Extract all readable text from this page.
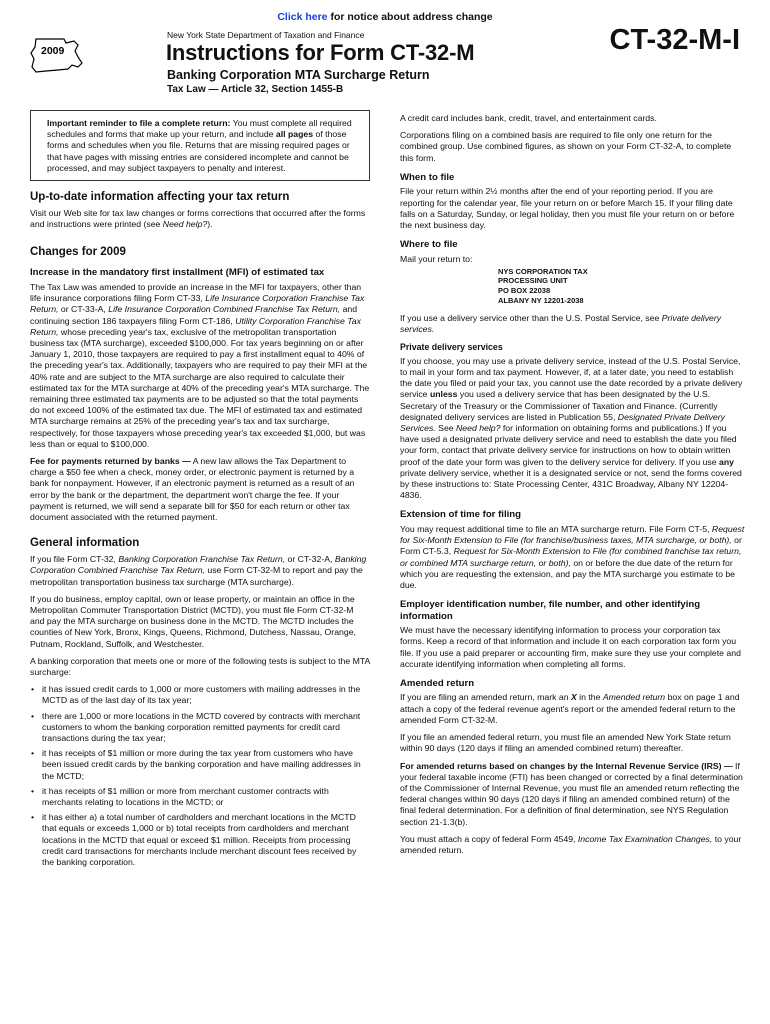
Click here for notice about address change
2009
New York State Department of Taxation and Finance
Instructions for Form CT-32-M	CT-32-M-I
Banking Corporation MTA Surcharge Return
Tax Law — Article 32, Section 1455-B
Important reminder to file a complete return: You must complete all required schedules and forms that make up your return, and include all pages of those forms and schedules when you file. Returns that are missing required pages or that have pages with missing entries are considered incomplete and cannot be processed, and may subject taxpayers to penalty and interest.
Up-to-date information affecting your tax return

Visit our Web site for tax law changes or forms corrections that occurred after the forms and instructions were printed (see Need help?).

Changes for 2009
Increase in the mandatory first installment (MFI) of estimated tax

The Tax Law was amended to provide an increase in the MFI for taxpayers, other than life insurance corporations filing Form CT-33, Life Insurance Corporation Franchise Tax Return, or CT-33-A, Life Insurance Corporation Combined Franchise Tax Return, and continuing section 186 taxpayers filing Form CT-186, Utility Corporation Franchise Tax Return, whose preceding year's tax, exclusive of the metropolitan transportation business tax (MTA surcharge), exceeded $100,000. For tax years beginning on or after January 1, 2010, those taxpayers are required to pay a first installment equal to 40% of the preceding year's tax. Additionally, taxpayers who are required to pay their MFI at the 40% rate and are subject to the MTA surcharge are also required to calculate their estimated tax for the MTA surcharge at 40% of the preceding year's MTA surcharge. The remaining three estimated tax payments are to be adjusted so that the total payments do not exceed 100% of the estimated tax due. The MFI of estimated tax and estimated MTA surcharge remains at 25% of the preceding year's tax and tax surcharge, respectively, for those taxpayers whose preceding year's tax exceeded $1,000, but was less than or equal to $100,000.

Fee for payments returned by banks — A new law allows the Tax Department to charge a $50 fee when a check, money order, or electronic payment is returned by a bank for nonpayment. However, if an electronic payment is returned as a result of an error by the bank or the department, the department won't charge the fee. If your payment is returned, we will send a separate bill for $50 for each return or other tax document associated with the returned payment.

General information

If you file Form CT-32, Banking Corporation Franchise Tax Return, or CT-32-A, Banking Corporation Combined Franchise Tax Return, use Form CT-32-M to report and pay the metropolitan transportation business tax surcharge (MTA surcharge).

If you do business, employ capital, own or lease property, or maintain an office in the Metropolitan Commuter Transportation District (MCTD), you must file Form CT-32-M and pay the MTA surcharge on business done in the MCTD. The MCTD includes the counties of New York, Bronx, Kings, Queens, Richmond, Dutchess, Nassau, Orange, Putnam, Rockland, Suffolk, and Westchester.

A banking corporation that meets one or more of the following tests is subject to the MTA surcharge:

• it has issued credit cards to 1,000 or more customers with mailing addresses in the MCTD as of the last day of its tax year;
• there are 1,000 or more locations in the MCTD covered by contracts with merchant customers to whom the banking corporation remitted payments for credit card transactions during the tax year;
• it has receipts of $1 million or more during the tax year from customers who have been issued credit cards by the banking corporation and have mailing addresses in the MCTD;
• it has receipts of $1 million or more from merchant customer contracts with merchants relating to locations in the MCTD; or
• it has either a) a total number of cardholders and merchant locations in the MCTD that equals or exceeds 1,000 or b) total receipts from cardholders and merchant locations in the MCTD that equal or exceed $1 million. Receipts from processing credit card transactions for merchants include merchant discount fees received by the banking corporation.

A credit card includes bank, credit, travel, and entertainment cards.

Corporations filing on a combined basis are required to file only one return for the combined group. Use combined figures, as shown on your Form CT-32-A, to complete this form.

When to file

File your return within 2½ months after the end of your reporting period. If you are reporting for the calendar year, file your return on or before March 15. If your filing date falls on a Saturday, Sunday, or legal holiday, then you must file your return on or before the next business day.

Where to file

Mail your return to:

NYS CORPORATION TAX
PROCESSING UNIT
PO BOX 22038
ALBANY NY 12201-2038

If you use a delivery service other than the U.S. Postal Service, see Private delivery services.

Private delivery services

If you choose, you may use a private delivery service, instead of the U.S. Postal Service, to mail in your form and tax payment. However, if, at a later date, you need to establish the date you filed or paid your tax, you cannot use the date recorded by a private delivery service unless you used a delivery service that has been designated by the U.S. Secretary of the Treasury or the Commissioner of Taxation and Finance. (Currently designated delivery services are listed in Publication 55, Designated Private Delivery Services. See Need help? for information on obtaining forms and publications.) If you have used a designated private delivery service and need to establish the date you filed your form, contact that private delivery service for instructions on how to obtain written proof of the date your form was given to the delivery service for delivery. If you use any private delivery service, whether it is a designated service or not, send the forms covered by these instructions to: State Processing Center, 431C Broadway, Albany NY 12204-4836.

Extension of time for filing

You may request additional time to file an MTA surcharge return. File Form CT-5, Request for Six-Month Extension to File (for franchise/business taxes, MTA surcharge, or both), or Form CT-5.3, Request for Six-Month Extension to File (for combined franchise tax return, or combined MTA surcharge return, or both), on or before the due date of the return for which you are requesting the extension, and pay the MTA surcharge you estimate to be due.

Employer identification number, file number, and other identifying information

We must have the necessary identifying information to process your corporation tax forms. Keep a record of that information and include it on each corporation tax form you file. If you use a paid preparer or accounting firm, make sure they use your complete and accurate identifying information when completing all forms.

Amended return

If you are filing an amended return, mark an X in the Amended return box on page 1 and attach a copy of the federal revenue agent's report or the amended federal return to the amended Form CT-32-M.

If you file an amended federal return, you must file an amended New York State return within 90 days (120 days if filing an amended combined return) thereafter.

For amended returns based on changes by the Internal Revenue Service (IRS) — If your federal taxable income (FTI) has been changed or corrected by a final determination of the Commissioner of Internal Revenue, you must file an amended return reflecting the federal changes within 90 days (120 days if filing an amended combined return) of the final federal determination. For a definition of final determination, see NYS Regulation section 21-1.3(b).

You must attach a copy of federal Form 4549, Income Tax Examination Changes, to your amended return.
